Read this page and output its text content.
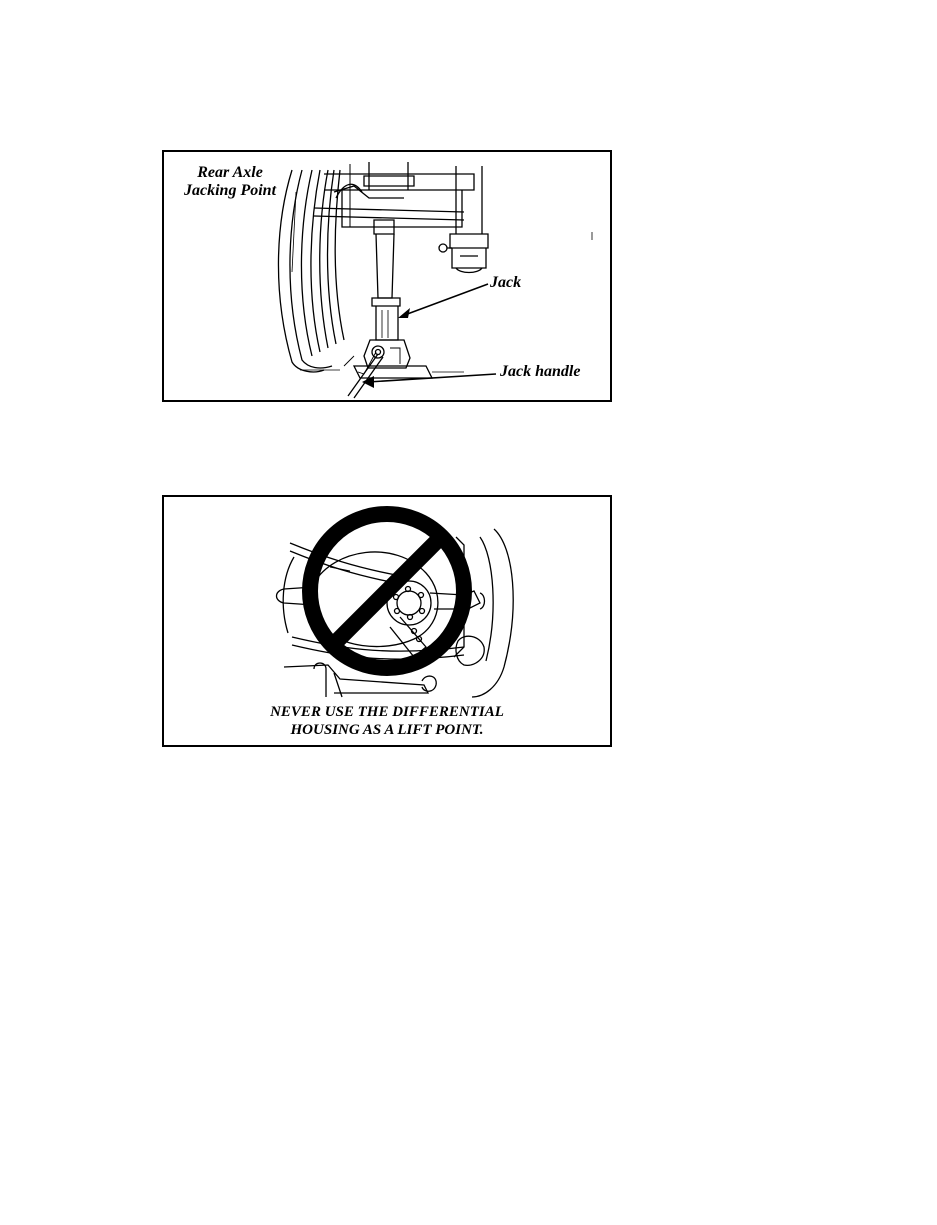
Rear Axle
Jacking Point
Jack
Jack handle
NEVER USE THE DIFFERENTIAL
HOUSING AS A LIFT POINT.
